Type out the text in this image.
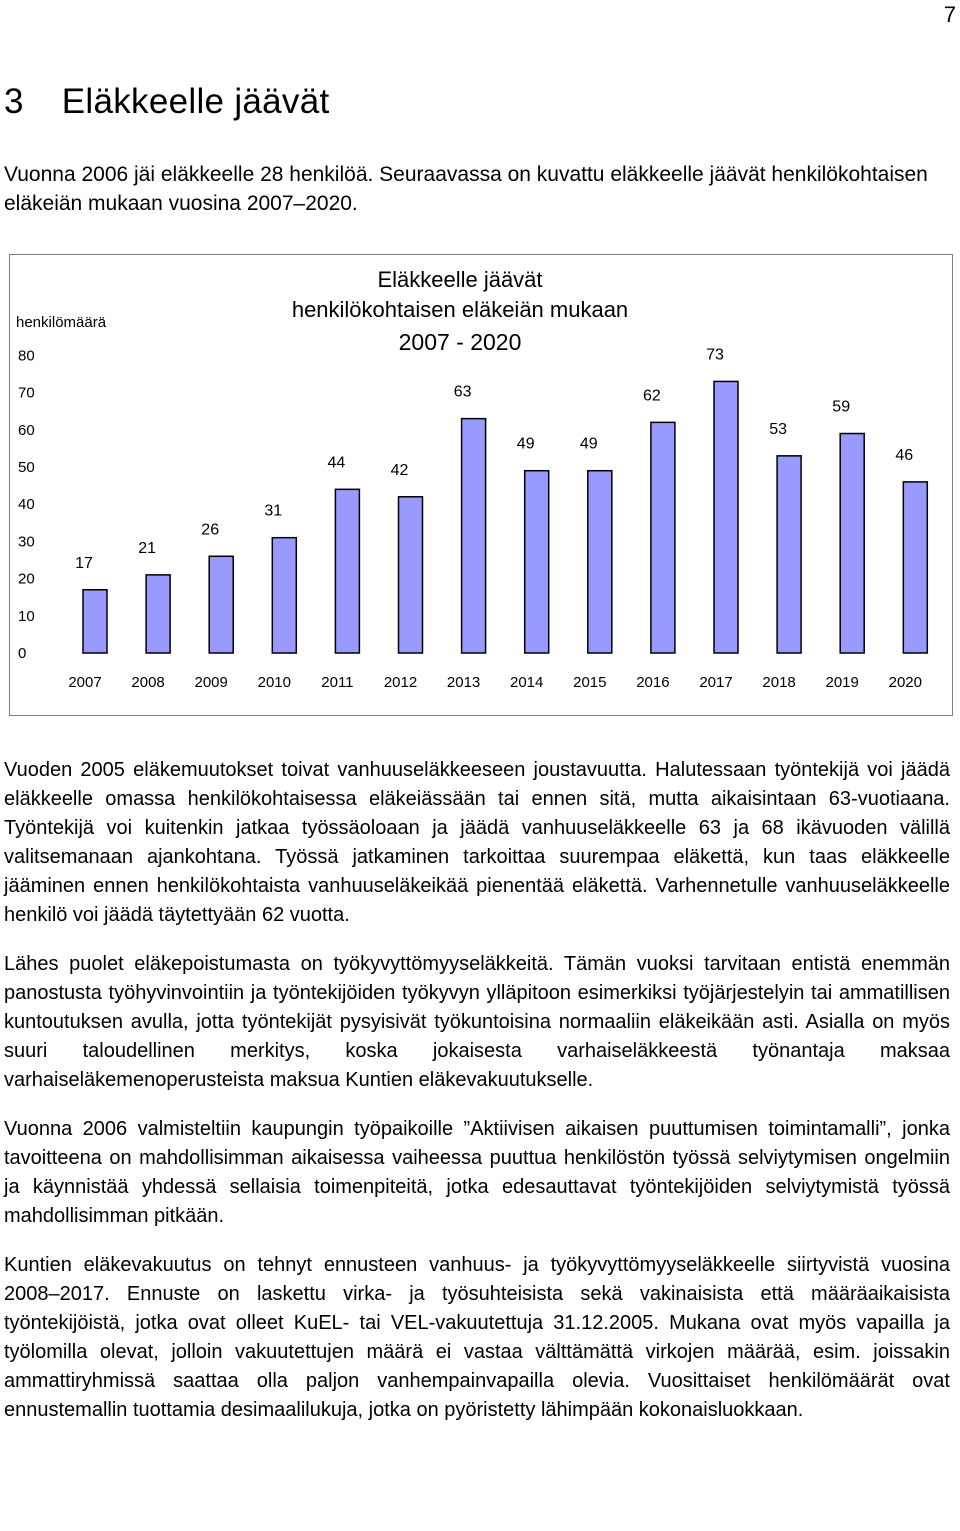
7
3 Eläkkeelle jäävät

Vuonna 2006 jäi eläkkeelle 28 henkilöä. Seuraavassa on kuvattu eläkkeelle jäävät henkilökohtaisen eläkeiän mukaan vuosina 2007–2020.

henkilömäärä
Eläkkeelle jäävät
henkilökohtaisen eläkeiän mukaan
2007 - 2020
0
10
20
30
40
50
60
70
80
17
2007
21
2008
26
2009
31
2010
44
2011
42
2012
63
2013
49
2014
49
2015
62
2016
73
2017
53
2018
59
2019
46
2020

Vuoden 2005 eläkemuutokset toivat vanhuuseläkkeeseen joustavuutta. Halutessaan työntekijä voi jäädä eläkkeelle omassa henkilökohtaisessa eläkeiässään tai ennen sitä, mutta aikaisintaan 63-vuotiaana. Työntekijä voi kuitenkin jatkaa työssäoloaan ja jäädä vanhuuseläkkeelle 63 ja 68 ikävuoden välillä valitsemanaan ajankohtana. Työssä jatkaminen tarkoittaa suurempaa eläkettä, kun taas eläkkeelle jääminen ennen henkilökohtaista vanhuuseläkeikää pienentää eläkettä. Varhennetulle vanhuuseläkkeelle henkilö voi jäädä täytettyään 62 vuotta.

Lähes puolet eläkepoistumasta on työkyvyttömyyseläkkeitä. Tämän vuoksi tarvitaan entistä enemmän panostusta työhyvinvointiin ja työntekijöiden työkyvyn ylläpitoon esimerkiksi työjärjestelyin tai ammatillisen kuntoutuksen avulla, jotta työntekijät pysyisivät työkuntoisina normaaliin eläkeikään asti. Asialla on myös suuri taloudellinen merkitys, koska jokaisesta varhaiseläkkeestä työnantaja maksaa varhaiseläkemenoperusteista maksua Kuntien eläkevakuutukselle.

Vuonna 2006 valmisteltiin kaupungin työpaikoille ”Aktiivisen aikaisen puuttumisen toimintamalli”, jonka tavoitteena on mahdollisimman aikaisessa vaiheessa puuttua henkilöstön työssä selviytymisen ongelmiin ja käynnistää yhdessä sellaisia toimenpiteitä, jotka edesauttavat työntekijöiden selviytymistä työssä mahdollisimman pitkään.

Kuntien eläkevakuutus on tehnyt ennusteen vanhuus- ja työkyvyttömyyseläkkeelle siirtyvistä vuosina 2008–2017. Ennuste on laskettu virka- ja työsuhteisista sekä vakinaisista että määräaikaisista työntekijöistä, jotka ovat olleet KuEL- tai VEL-vakuutettuja 31.12.2005. Mukana ovat myös vapailla ja työlomilla olevat, jolloin vakuutettujen määrä ei vastaa välttämättä virkojen määrää, esim. joissakin ammattiryhmissä saattaa olla paljon vanhempainvapailla olevia. Vuosittaiset henkilömäärät ovat ennustemallin tuottamia desimaalilukuja, jotka on pyöristetty lähimpään kokonaisluokkaan.
